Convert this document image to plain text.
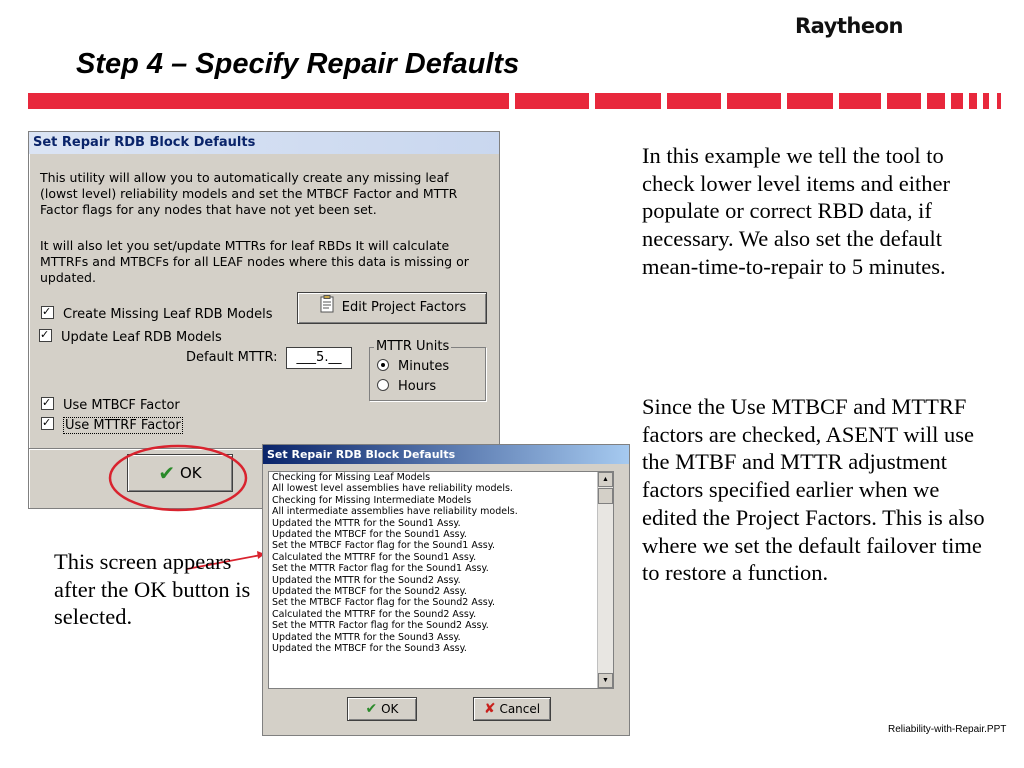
Raytheon
Step 4 – Specify Repair Defaults
Set Repair RDB Block Defaults
This utility will allow you to automatically create any missing leaf (lowst level) reliability models and set the MTBCF Factor and MTTR Factor flags for any nodes that have not yet been set.
It will also let you set/update MTTRs for leaf RBDs It will calculate MTTRFs and MTBCFs for all LEAF nodes where this data is missing or updated.
✓Create Missing Leaf RDB Models
✓Update Leaf RDB Models
Edit Project Factors
Default MTTR:	___5.__
MTTR Units
Minutes
Hours
✓Use MTBCF Factor
✓Use MTTRF Factor
✔ OK
Set Repair RDB Block Defaults
Checking for Missing Leaf Models
All lowest level assemblies have reliability models.
Checking for Missing Intermediate Models
All intermediate assemblies have reliability models.
Updated the MTTR for the Sound1 Assy.
Updated the MTBCF for the Sound1 Assy.
Set the MTBCF Factor flag for the Sound1 Assy.
Calculated the MTTRF for the Sound1 Assy.
Set the MTTR Factor flag for the Sound1 Assy.
Updated the MTTR for the Sound2 Assy.
Updated the MTBCF for the Sound2 Assy.
Set the MTBCF Factor flag for the Sound2 Assy.
Calculated the MTTRF for the Sound2 Assy.
Set the MTTR Factor flag for the Sound2 Assy.
Updated the MTTR for the Sound3 Assy.
Updated the MTBCF for the Sound3 Assy.
▲
▼
✔ OK	✘ Cancel
This screen appears after the OK button is selected.
In this example we tell the tool to check lower level items and either populate or correct RBD data, if necessary. We also set the default mean-time-to-repair to 5 minutes.
Since the Use MTBCF and MTTRF factors are checked, ASENT will use the MTBF and MTTR adjustment factors specified earlier when we edited the Project Factors. This is also where we set the default failover time to restore a function.
Reliability-with-Repair.PPT
